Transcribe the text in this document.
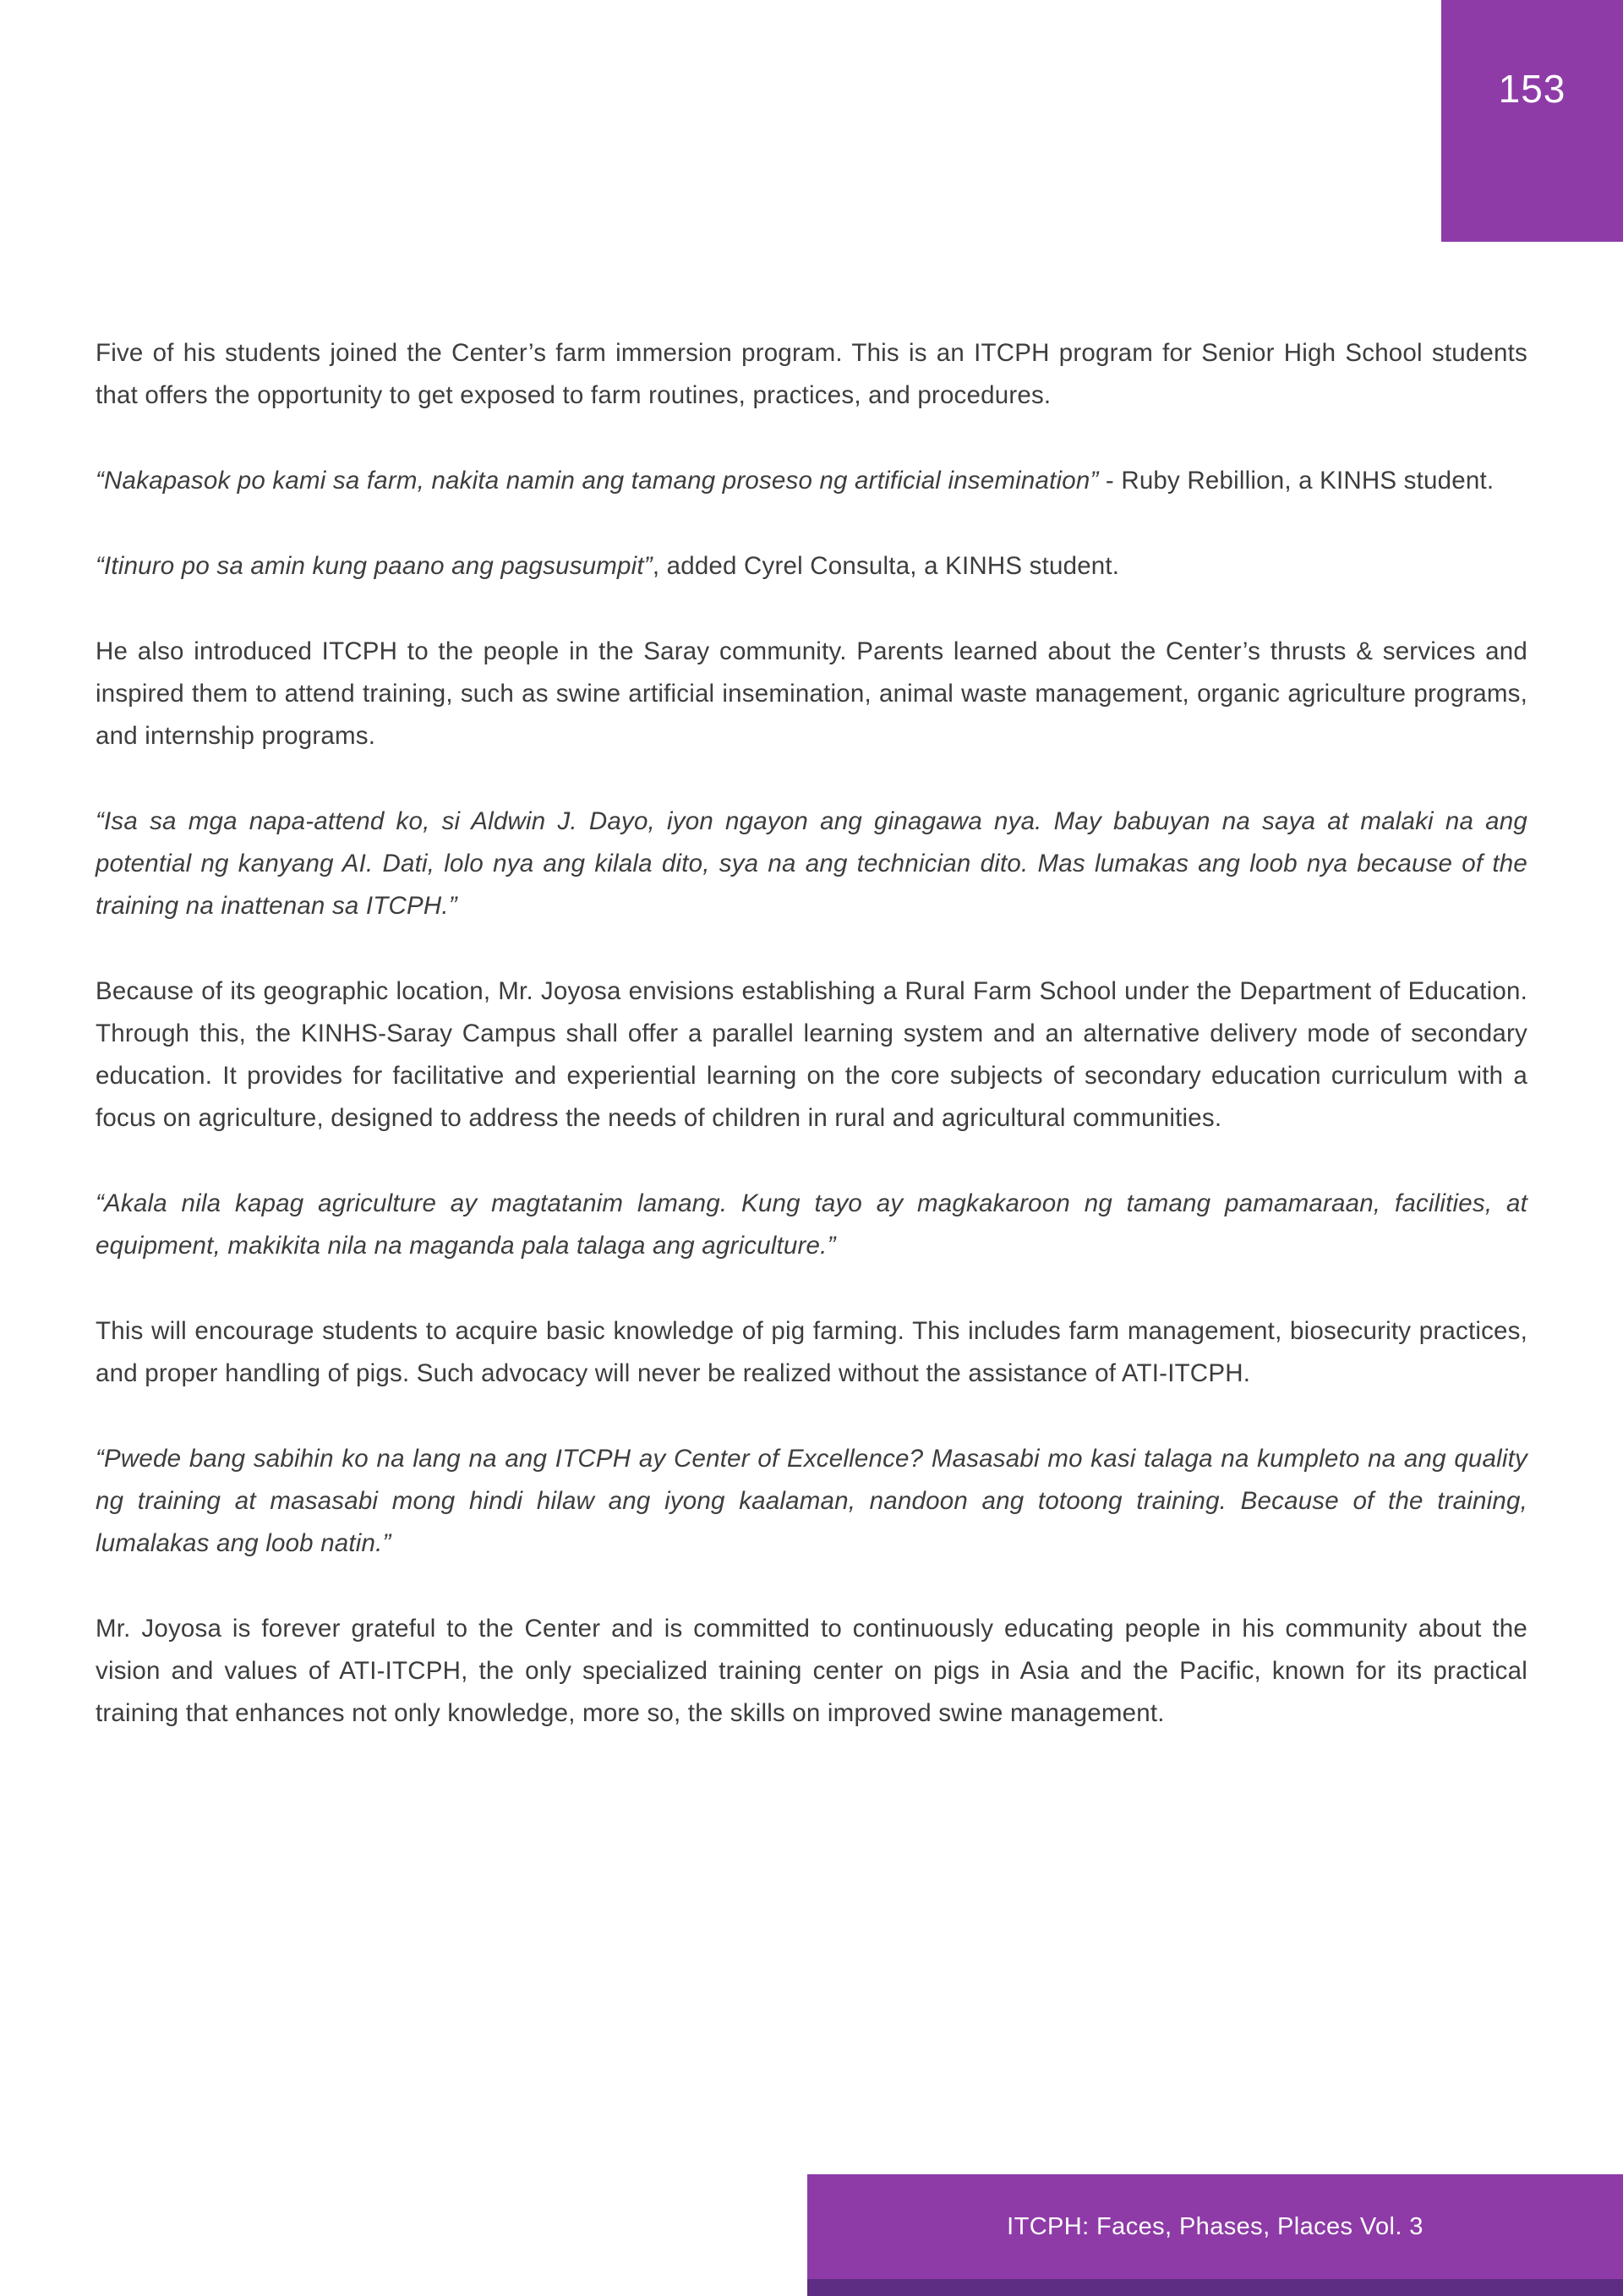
153

Five of his students joined the Center’s farm immersion program. This is an ITCPH program for Senior High School students that offers the opportunity to get exposed to farm routines, practices, and procedures.

“Nakapasok po kami sa farm, nakita namin ang tamang proseso ng artificial insemination” - Ruby Rebillion, a KINHS student.

“Itinuro po sa amin kung paano ang pagsusumpit”, added Cyrel Consulta, a KINHS student.

He also introduced ITCPH to the people in the Saray community. Parents learned about the Center’s thrusts & services and inspired them to attend training, such as swine artificial insemination, animal waste management, organic agriculture programs, and internship programs.

“Isa sa mga napa-attend ko, si Aldwin J. Dayo, iyon ngayon ang ginagawa nya. May babuyan na saya at malaki na ang potential ng kanyang AI. Dati, lolo nya ang kilala dito, sya na ang technician dito. Mas lumakas ang loob nya because of the training na inattenan sa ITCPH.”

Because of its geographic location, Mr. Joyosa envisions establishing a Rural Farm School under the Department of Education. Through this, the KINHS-Saray Campus shall offer a parallel learning system and an alternative delivery mode of secondary education. It provides for facilitative and experiential learning on the core subjects of secondary education curriculum with a focus on agriculture, designed to address the needs of children in rural and agricultural communities.

“Akala nila kapag agriculture ay magtatanim lamang. Kung tayo ay magkakaroon ng tamang pamamaraan, facilities, at equipment, makikita nila na maganda pala talaga ang agriculture.”

This will encourage students to acquire basic knowledge of pig farming. This includes farm management, biosecurity practices, and proper handling of pigs. Such advocacy will never be realized without the assistance of ATI-ITCPH.

“Pwede bang sabihin ko na lang na ang ITCPH ay Center of Excellence? Masasabi mo kasi talaga na kumpleto na ang quality ng training at masasabi mong hindi hilaw ang iyong kaalaman, nandoon ang totoong training. Because of the training, lumalakas ang loob natin.”

Mr. Joyosa is forever grateful to the Center and is committed to continuously educating people in his community about the vision and values of ATI-ITCPH, the only specialized training center on pigs in Asia and the Pacific, known for its practical training that enhances not only knowledge, more so, the skills on improved swine management.

ITCPH: Faces, Phases, Places Vol. 3
